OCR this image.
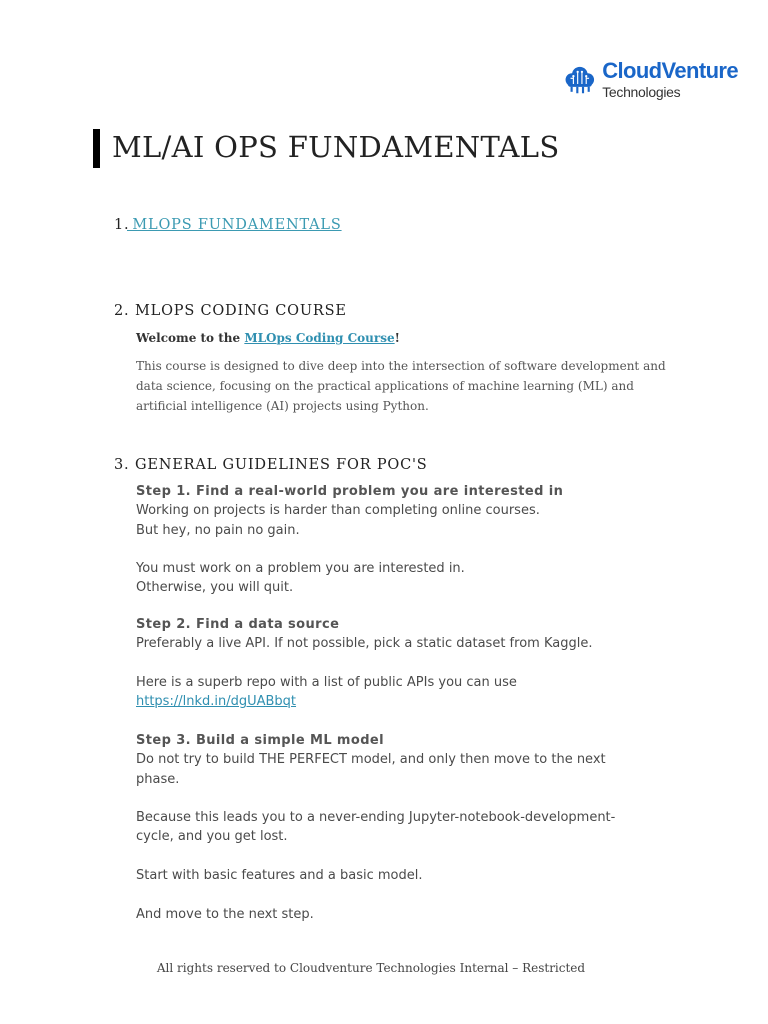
CloudVenture
Technologies
ML/AI OPS FUNDAMENTALS
1. MLOPS FUNDAMENTALS
2. MLOPS CODING COURSE
Welcome to the MLOps Coding Course!
This course is designed to dive deep into the intersection of software development and
data science, focusing on the practical applications of machine learning (ML) and
artificial intelligence (AI) projects using Python.
3. GENERAL GUIDELINES FOR POC'S
Step 1. Find a real-world problem you are interested in
Working on projects is harder than completing online courses.
But hey, no pain no gain.

You must work on a problem you are interested in.
Otherwise, you will quit.
Step 2. Find a data source
Preferably a live API. If not possible, pick a static dataset from Kaggle.

Here is a superb repo with a list of public APIs you can use
https://lnkd.in/dgUABbqt
Step 3. Build a simple ML model
Do not try to build THE PERFECT model, and only then move to the next
phase.

Because this leads you to a never-ending Jupyter-notebook-development-
cycle, and you get lost.

Start with basic features and a basic model.

And move to the next step.
All rights reserved to Cloudventure Technologies Internal – Restricted
